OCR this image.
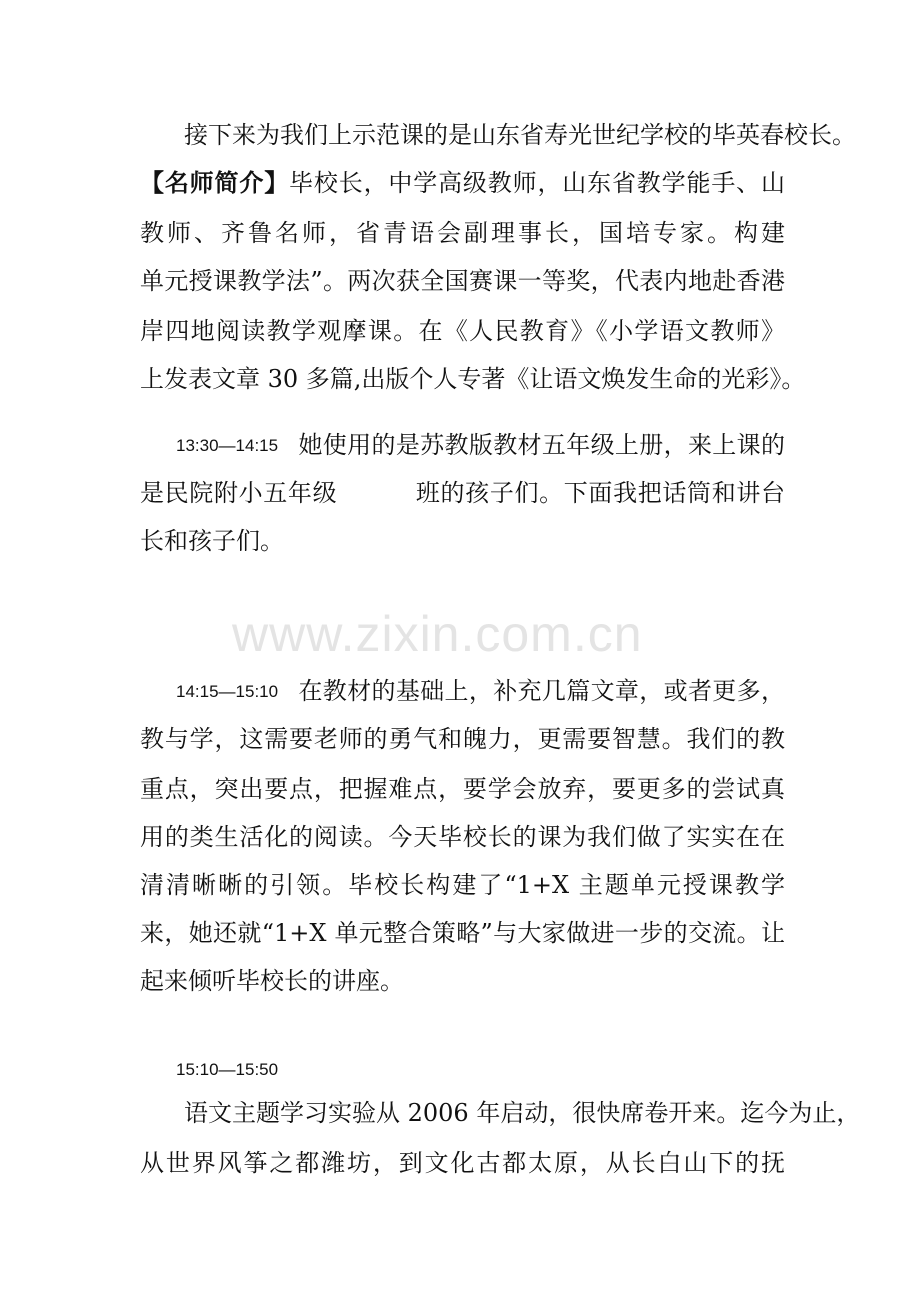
接下来为我们上示范课的是山东省寿光世纪学校的毕英春校长。
【名师简介】毕校长，中学高级教师，山东省教学能手、山
教师、齐鲁名师，省青语会副理事长，国培专家。构建
单元授课教学法”。两次获全国赛课一等奖，代表内地赴香港
岸四地阅读教学观摩课。在《人民教育》《小学语文教师》
上发表文章 30 多篇,出版个人专著《让语文焕发生命的光彩》。
13:30—14:15 她使用的是苏教版教材五年级上册，来上课的
是民院附小五年级	班的孩子们。下面我把话筒和讲台
长和孩子们。
www.zixin.com.cn
14:15—15:10 在教材的基础上，补充几篇文章，或者更多，
教与学，这需要老师的勇气和魄力，更需要智慧。我们的教
重点，突出要点，把握难点，要学会放弃，要更多的尝试真
用的类生活化的阅读。今天毕校长的课为我们做了实实在在
清清晰晰的引领。毕校长构建了“1+X 主题单元授课教学
来，她还就“1+X 单元整合策略”与大家做进一步的交流。让
起来倾听毕校长的讲座。
15:10—15:50
语文主题学习实验从 2006 年启动，很快席卷开来。迄今为止，
从世界风筝之都潍坊，到文化古都太原，从长白山下的抚
